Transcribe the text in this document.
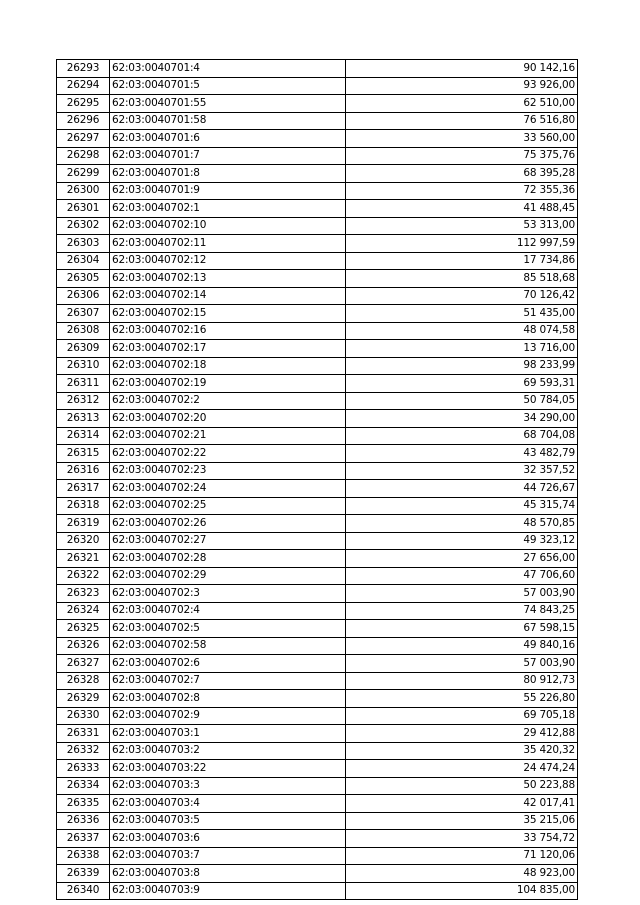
26293	62:03:0040701:4	90 142,16
26294	62:03:0040701:5	93 926,00
26295	62:03:0040701:55	62 510,00
26296	62:03:0040701:58	76 516,80
26297	62:03:0040701:6	33 560,00
26298	62:03:0040701:7	75 375,76
26299	62:03:0040701:8	68 395,28
26300	62:03:0040701:9	72 355,36
26301	62:03:0040702:1	41 488,45
26302	62:03:0040702:10	53 313,00
26303	62:03:0040702:11	112 997,59
26304	62:03:0040702:12	17 734,86
26305	62:03:0040702:13	85 518,68
26306	62:03:0040702:14	70 126,42
26307	62:03:0040702:15	51 435,00
26308	62:03:0040702:16	48 074,58
26309	62:03:0040702:17	13 716,00
26310	62:03:0040702:18	98 233,99
26311	62:03:0040702:19	69 593,31
26312	62:03:0040702:2	50 784,05
26313	62:03:0040702:20	34 290,00
26314	62:03:0040702:21	68 704,08
26315	62:03:0040702:22	43 482,79
26316	62:03:0040702:23	32 357,52
26317	62:03:0040702:24	44 726,67
26318	62:03:0040702:25	45 315,74
26319	62:03:0040702:26	48 570,85
26320	62:03:0040702:27	49 323,12
26321	62:03:0040702:28	27 656,00
26322	62:03:0040702:29	47 706,60
26323	62:03:0040702:3	57 003,90
26324	62:03:0040702:4	74 843,25
26325	62:03:0040702:5	67 598,15
26326	62:03:0040702:58	49 840,16
26327	62:03:0040702:6	57 003,90
26328	62:03:0040702:7	80 912,73
26329	62:03:0040702:8	55 226,80
26330	62:03:0040702:9	69 705,18
26331	62:03:0040703:1	29 412,88
26332	62:03:0040703:2	35 420,32
26333	62:03:0040703:22	24 474,24
26334	62:03:0040703:3	50 223,88
26335	62:03:0040703:4	42 017,41
26336	62:03:0040703:5	35 215,06
26337	62:03:0040703:6	33 754,72
26338	62:03:0040703:7	71 120,06
26339	62:03:0040703:8	48 923,00
26340	62:03:0040703:9	104 835,00
